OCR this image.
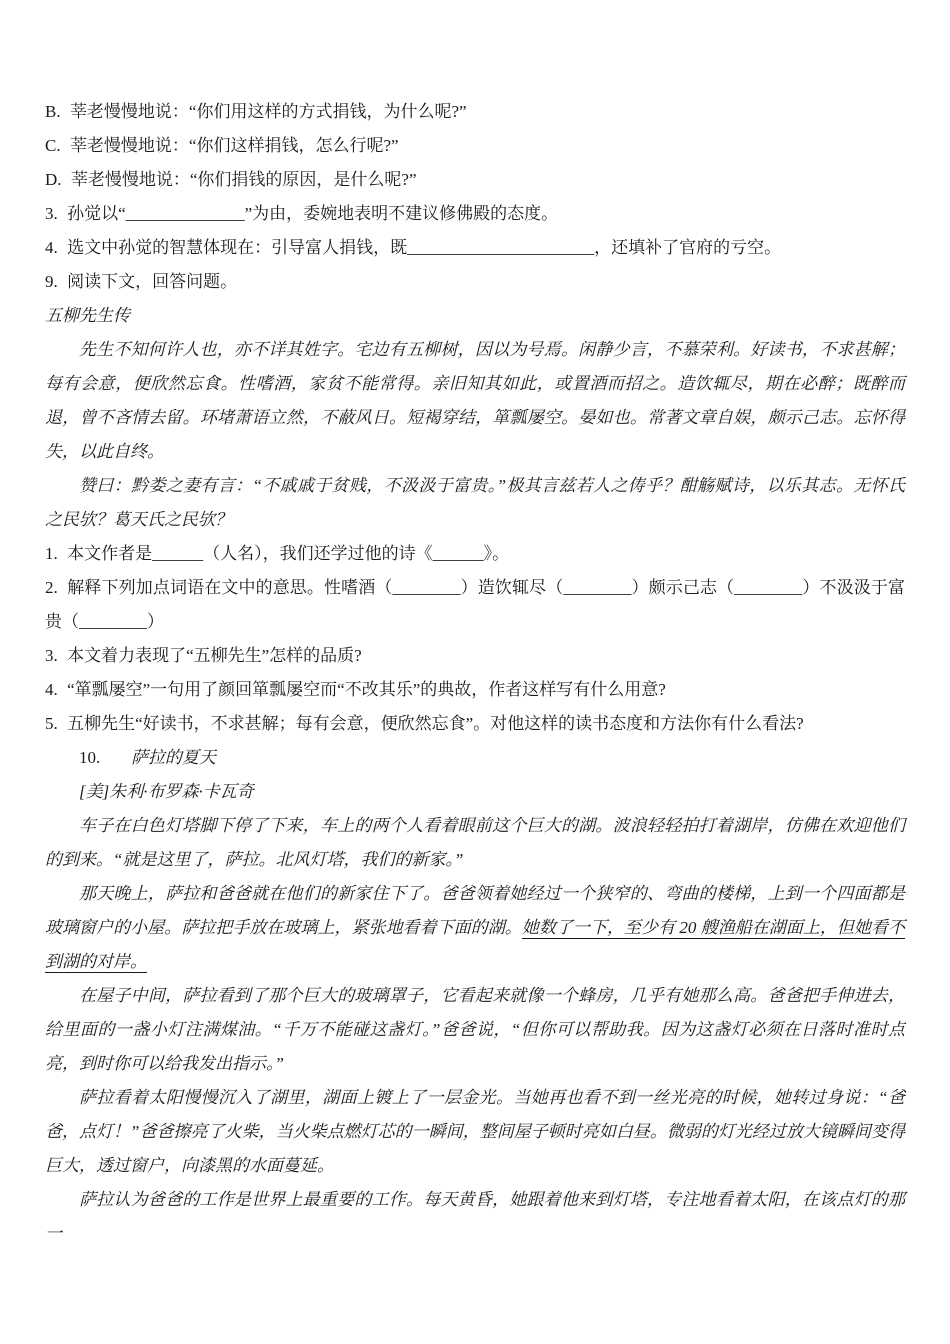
B. 莘老慢慢地说：“你们用这样的方式捐钱，为什么呢?”

C. 莘老慢慢地说：“你们这样捐钱，怎么行呢?”

D. 莘老慢慢地说：“你们捐钱的原因，是什么呢?”

3. 孙觉以“______________”为由，委婉地表明不建议修佛殿的态度。

4. 选文中孙觉的智慧体现在：引导富人捐钱，既______________________，还填补了官府的亏空。

9. 阅读下文，回答问题。

五柳先生传

先生不知何许人也，亦不详其姓字。宅边有五柳树，因以为号焉。闲静少言，不慕荣利。好读书，不求甚解；每有会意，便欣然忘食。性嗜酒，家贫不能常得。亲旧知其如此，或置酒而招之。造饮辄尽，期在必醉；既醉而退，曾不吝情去留。环堵萧语立然，不蔽风日。短褐穿结，箪瓢屡空。晏如也。常著文章自娱，颇示己志。忘怀得失，以此自终。

赞曰：黔娄之妻有言：“不戚戚于贫贱，不汲汲于富贵。”极其言兹若人之俦乎？酣觞赋诗，以乐其志。无怀氏之民欤？葛天氏之民欤？

1. 本文作者是______（人名），我们还学过他的诗《______》。

2. 解释下列加点词语在文中的意思。性嗜酒（________）造饮辄尽（________）颇示己志（________）不汲汲于富贵（________）

3. 本文着力表现了“五柳先生”怎样的品质?

4. “箪瓢屡空”一句用了颜回箪瓢屡空而“不改其乐”的典故，作者这样写有什么用意?

5. 五柳先生“好读书，不求甚解；每有会意，便欣然忘食”。对他这样的读书态度和方法你有什么看法?

10. 萨拉的夏天

[美]朱利·布罗森·卡瓦奇

车子在白色灯塔脚下停了下来，车上的两个人看着眼前这个巨大的湖。波浪轻轻拍打着湖岸，仿佛在欢迎他们的到来。“就是这里了，萨拉。北风灯塔，我们的新家。”

那天晚上，萨拉和爸爸就在他们的新家住下了。爸爸领着她经过一个狭窄的、弯曲的楼梯，上到一个四面都是玻璃窗户的小屋。萨拉把手放在玻璃上，紧张地看着下面的湖。她数了一下，至少有 20 艘渔船在湖面上，但她看不到湖的对岸。

在屋子中间，萨拉看到了那个巨大的玻璃罩子，它看起来就像一个蜂房，几乎有她那么高。爸爸把手伸进去， 给里面的一盏小灯注满煤油。“千万不能碰这盏灯。”爸爸说，“但你可以帮助我。因为这盏灯必须在日落时准时点亮，到时你可以给我发出指示。”

萨拉看着太阳慢慢沉入了湖里，湖面上镀上了一层金光。当她再也看不到一丝光亮的时候，她转过身说：“爸爸，点灯！”爸爸擦亮了火柴，当火柴点燃灯芯的一瞬间，整间屋子顿时亮如白昼。微弱的灯光经过放大镜瞬间变得巨大，透过窗户，向漆黑的水面蔓延。

萨拉认为爸爸的工作是世界上最重要的工作。每天黄昏，她跟着他来到灯塔，专注地看着太阳，在该点灯的那一
